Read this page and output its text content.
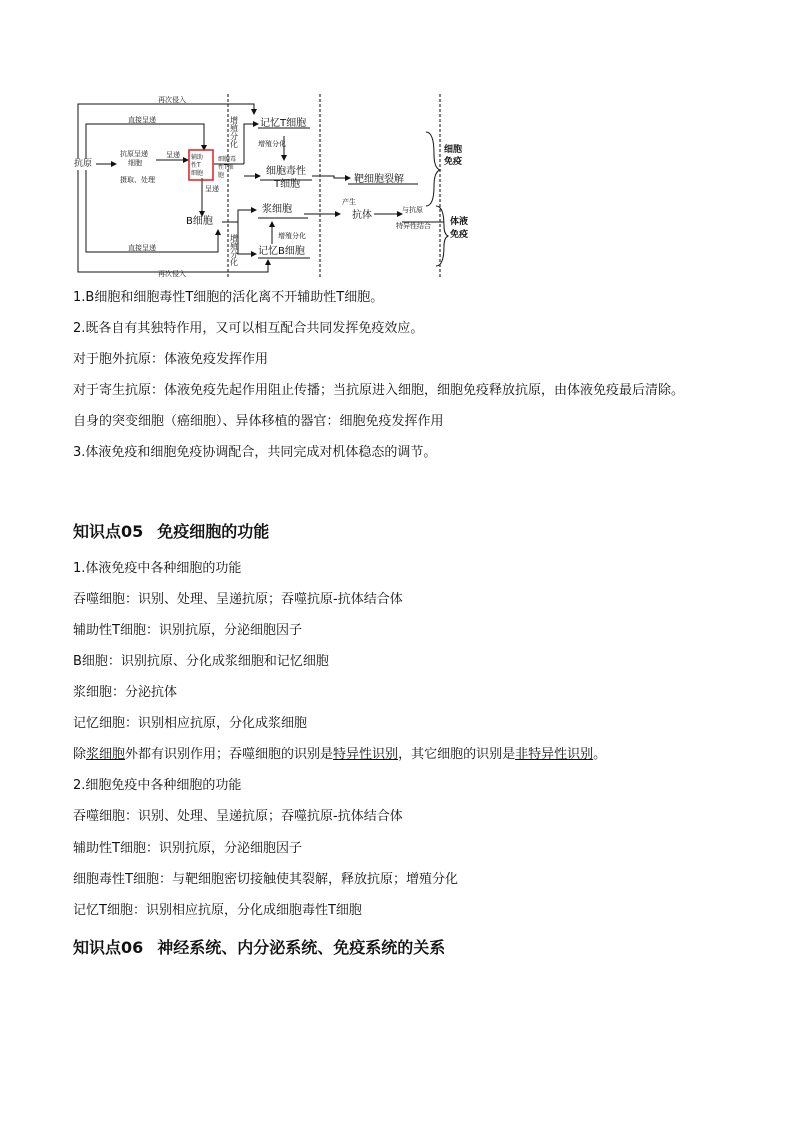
再次侵入
直接呈递
抗原呈递
细胞
摄取、处理
呈递
呈递
直接呈递
再次侵入
增殖分化
产生
与抗原
特异性结合
增殖分化
辅助
性T
细胞
细胞毒
性T细
胞
抗原
增殖分化
增殖分化
记忆T细胞
细胞毒性
T细胞	靶细胞裂解
B细胞
浆细胞
抗体
记忆B细胞
细胞
免疫
体液
免疫
1.B细胞和细胞毒性T细胞的活化离不开辅助性T细胞。
2.既各自有其独特作用，又可以相互配合共同发挥免疫效应。
对于胞外抗原：体液免疫发挥作用
对于寄生抗原：体液免疫先起作用阻止传播；当抗原进入细胞，细胞免疫释放抗原，由体液免疫最后清除。
自身的突变细胞（癌细胞）、异体移植的器官：细胞免疫发挥作用
3.体液免疫和细胞免疫协调配合，共同完成对机体稳态的调节。
知识点05 免疫细胞的功能
1.体液免疫中各种细胞的功能
吞噬细胞：识别、处理、呈递抗原；吞噬抗原-抗体结合体
辅助性T细胞：识别抗原，分泌细胞因子
B细胞：识别抗原、分化成浆细胞和记忆细胞
浆细胞：分泌抗体
记忆细胞：识别相应抗原，分化成浆细胞
除浆细胞外都有识别作用；吞噬细胞的识别是特异性识别，其它细胞的识别是非特异性识别。
2.细胞免疫中各种细胞的功能
吞噬细胞：识别、处理、呈递抗原；吞噬抗原-抗体结合体
辅助性T细胞：识别抗原，分泌细胞因子
细胞毒性T细胞：与靶细胞密切接触使其裂解，释放抗原；增殖分化
记忆T细胞：识别相应抗原，分化成细胞毒性T细胞
知识点06 神经系统、内分泌系统、免疫系统的关系
